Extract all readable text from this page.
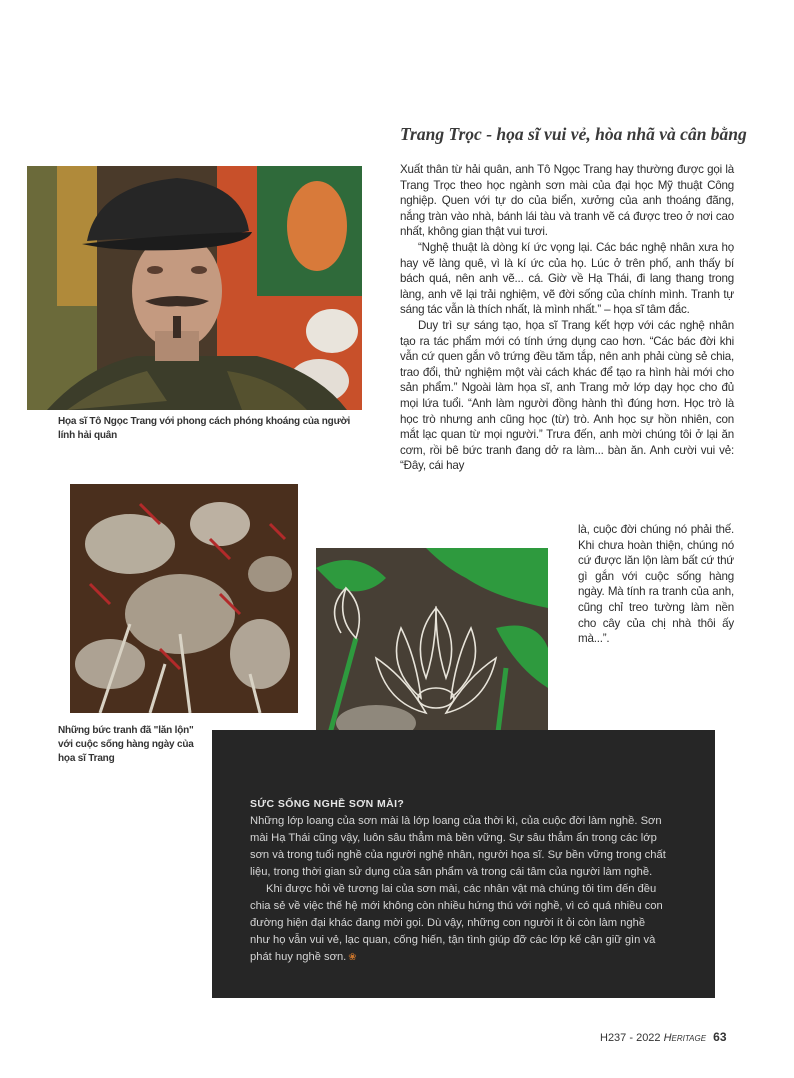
Trang Trọc - họa sĩ vui vẻ, hòa nhã và cân bằng

Xuất thân từ hải quân, anh Tô Ngọc Trang hay thường được gọi là Trang Trọc theo học ngành sơn mài của đại học Mỹ thuật Công nghiệp. Quen với tự do của biển, xưởng của anh thoáng đãng, nắng tràn vào nhà, bánh lái tàu và tranh vẽ cá được treo ở nơi cao nhất, không gian thật vui tươi.

“Nghệ thuật là dòng kí ức vọng lại. Các bác nghệ nhân xưa họ hay vẽ làng quê, vì là kí ức của họ. Lúc ở trên phố, anh thấy bí bách quá, nên anh vẽ... cá. Giờ về Hạ Thái, đi lang thang trong làng, anh vẽ lại trải nghiệm, vẽ đời sống của chính mình. Tranh tự sáng tác vẫn là thích nhất, là mình nhất.” – họa sĩ tâm đắc.

Duy trì sự sáng tạo, họa sĩ Trang kết hợp với các nghệ nhân tạo ra tác phẩm mới có tính ứng dụng cao hơn. “Các bác đời khi vẫn cứ quen gắn vô trứng đều tăm tắp, nên anh phải cùng sẻ chia, trao đổi, thử nghiệm một vài cách khác để tạo ra hình hài mới cho sản phẩm.” Ngoài làm họa sĩ, anh Trang mở lớp dạy học cho đủ mọi lứa tuổi. “Anh làm người đồng hành thì đúng hơn. Học trò là học trò nhưng anh cũng học (từ) trò. Anh học sự hồn nhiên, con mắt lạc quan từ mọi người.” Trưa đến, anh mời chúng tôi ở lại ăn cơm, rồi bê bức tranh đang dở ra làm... bàn ăn. Anh cười vui vẻ: “Đây, cái hay

là, cuộc đời chúng nó phải thế. Khi chưa hoàn thiện, chúng nó cứ được lăn lộn làm bất cứ thứ gì gắn với cuộc sống hàng ngày. Mà tính ra tranh của anh, cũng chỉ treo tường làm nền cho cây của chị nhà thôi ấy mà...”.

Họa sĩ Tô Ngọc Trang với phong cách phóng khoáng của người lính hải quân

Những bức tranh đã "lăn lộn" với cuộc sống hàng ngày của họa sĩ Trang

SỨC SỐNG NGHỀ SƠN MÀI?

Những lớp loang của sơn mài là lớp loang của thời kì, của cuộc đời làm nghề. Sơn mài Hạ Thái cũng vậy, luôn sâu thẳm mà bền vững. Sự sâu thẳm ẩn trong các lớp sơn và trong tuổi nghề của người nghệ nhân, người họa sĩ. Sự bền vững trong chất liệu, trong thời gian sử dụng của sản phẩm và trong cái tâm của người làm nghề.

Khi được hỏi về tương lai của sơn mài, các nhân vật mà chúng tôi tìm đến đều chia sẻ về việc thế hệ mới không còn nhiều hứng thú với nghề, vì có quá nhiều con đường hiện đại khác đang mời gọi. Dù vậy, những con người ít ỏi còn làm nghề như họ vẫn vui vẻ, lạc quan, cống hiến, tận tình giúp đỡ các lớp kế cận giữ gìn và phát huy nghề sơn. ❀

H237 - 2022 Heritage 63
